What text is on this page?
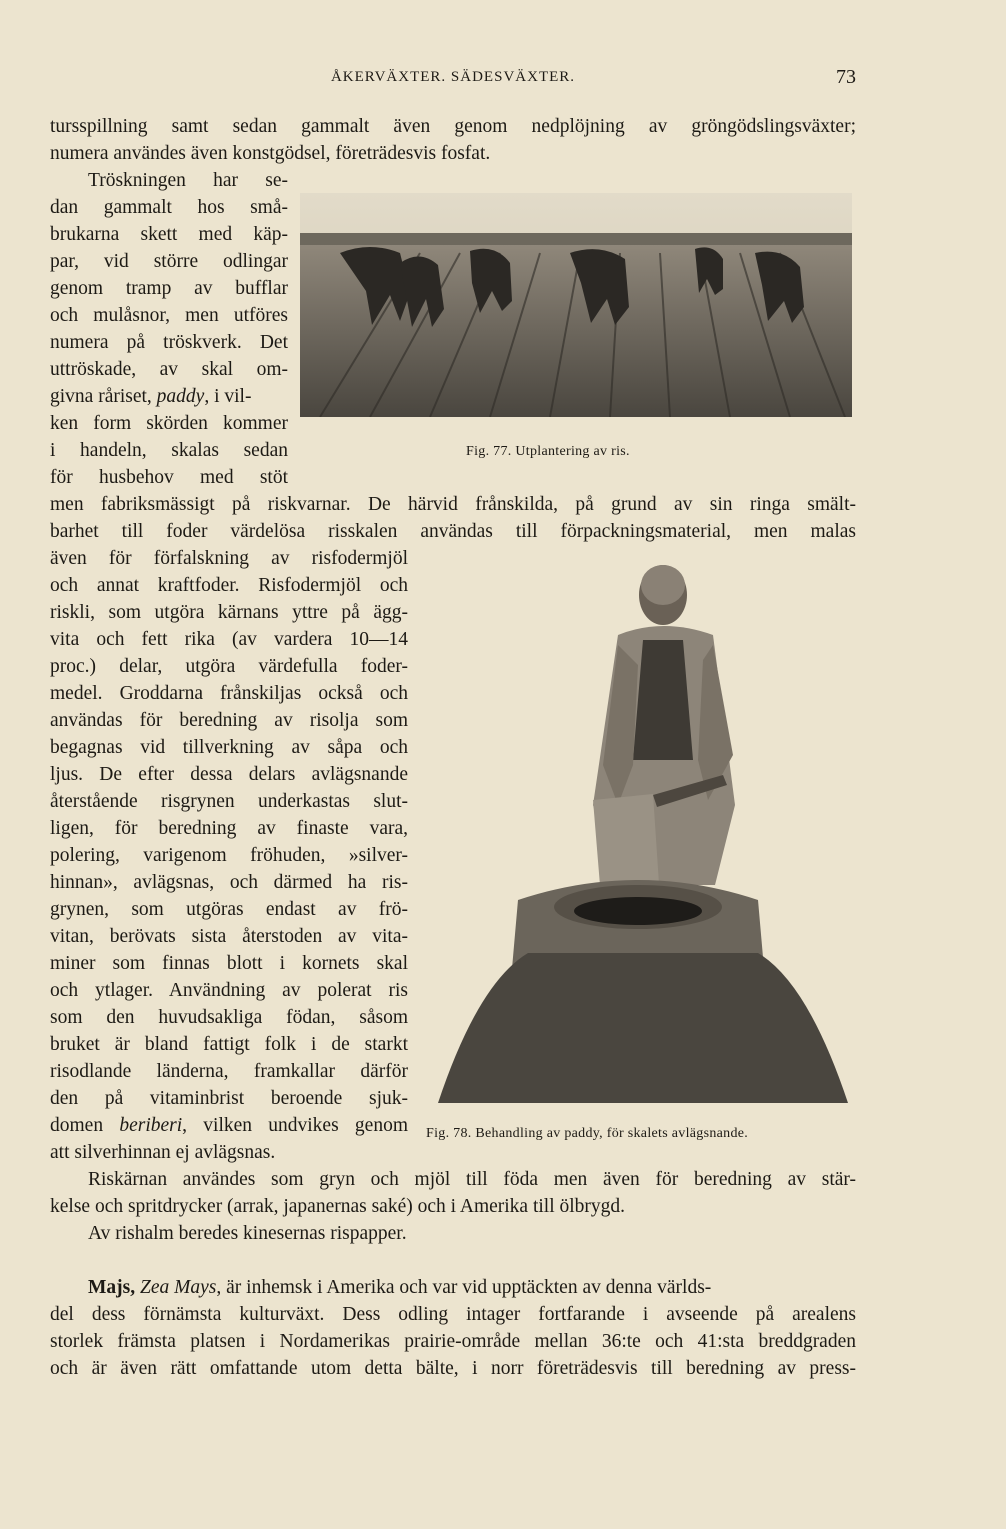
ÅKERVÄXTER. SÄDESVÄXTER.	73
tursspillning samt sedan gammalt även genom nedplöjning av gröngödslingsväxter;
numera användes även konstgödsel, företrädesvis fosfat.
Tröskningen har se-
dan gammalt hos små-
brukarna skett med käp-
par, vid större odlingar
genom tramp av bufflar
och mulåsnor, men utföres
numera på tröskverk. Det
uttröskade, av skal om-
givna råriset, paddy, i vil-
ken form skörden kommer
i handeln, skalas sedan
för husbehov med stöt
Fig. 77. Utplantering av ris.
men fabriksmässigt på riskvarnar. De härvid frånskilda, på grund av sin ringa smält-
barhet till foder värdelösa risskalen användas till förpackningsmaterial, men malas
även för förfalskning av risfodermjöl
och annat kraftfoder. Risfodermjöl och
riskli, som utgöra kärnans yttre på ägg-
vita och fett rika (av vardera 10—14
proc.) delar, utgöra värdefulla foder-
medel. Groddarna frånskiljas också och
användas för beredning av risolja som
begagnas vid tillverkning av såpa och
ljus. De efter dessa delars avlägsnande
återstående risgrynen underkastas slut-
ligen, för beredning av finaste vara,
polering, varigenom fröhuden, »silver-
hinnan», avlägsnas, och därmed ha ris-
grynen, som utgöras endast av frö-
vitan, berövats sista återstoden av vita-
miner som finnas blott i kornets skal
och ytlager. Användning av polerat ris
som den huvudsakliga födan, såsom
bruket är bland fattigt folk i de starkt
risodlande länderna, framkallar därför
den på vitaminbrist beroende sjuk-
domen beriberi, vilken undvikes genom
att silverhinnan ej avlägsnas.
Fig. 78. Behandling av paddy, för skalets avlägsnande.
Riskärnan användes som gryn och mjöl till föda men även för beredning av stär-
kelse och spritdrycker (arrak, japanernas saké) och i Amerika till ölbrygd.
Av rishalm beredes kinesernas rispapper.
Majs, Zea Mays, är inhemsk i Amerika och var vid upptäckten av denna världs-
del dess förnämsta kulturväxt. Dess odling intager fortfarande i avseende på arealens
storlek främsta platsen i Nordamerikas prairie-område mellan 36:te och 41:sta breddgraden
och är även rätt omfattande utom detta bälte, i norr företrädesvis till beredning av press-
